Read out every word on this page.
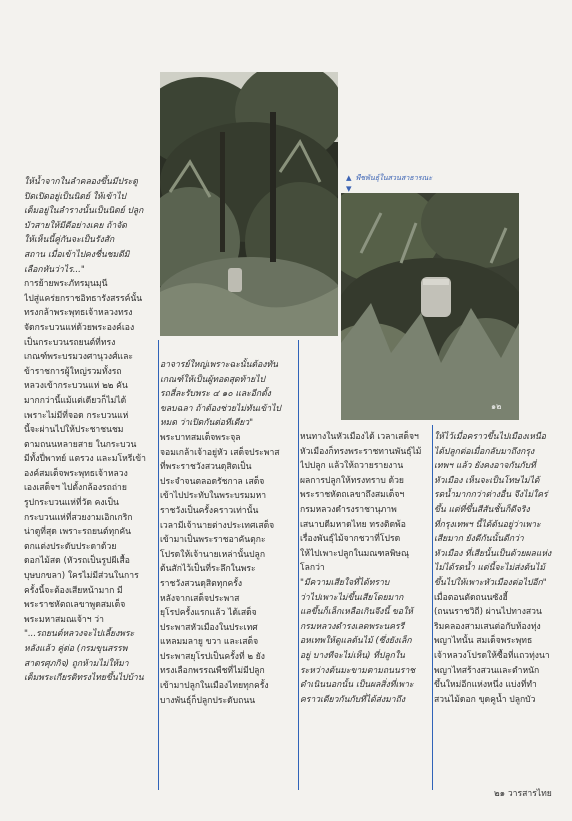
๑๒

▲ พืชพันธุ์ในสวนสาธารณะ

▼

ให้น้ำจากในลำคลองขึ้นมีประตู

ปิดเปิดอยู่เป็นนิตย์ ให้เข้าไป

เต็มอยู่ในลำรางนั้นเป็นนิตย์ ปลูก

บัวสายให้มีดีอย่างเคย ถ้าจัด

ให้เห็นนี้คู่กันจะเป็นรังสัก

สถาน เมื่อเข้าไปคงชื่นชมดีมิ

เลือกหันว่าไร..."

การย้ายพระภัทรมุนมุนี

ไปสู่แคร่ยกราชอิทธารังสรรค์นั้น

ทรงกล้าพระพุทธเจ้าหลวงทรง

จัดกระบวนแห่ด้วยพระองค์เอง

เป็นกระบวนรถยนต์ที่ทรง

เกณฑ์พระบรมวงศานุวงศ์และ

ข้าราชการผู้ใหญ่รวมทั้งรถ

หลวงเข้ากระบวนแห่ ๒๒ คัน

มากกว่านี้แม้แต่เดียวก็ไม่ได้

เพราะไม่มีที่จอด กระบวนแห่

นี้จะผ่านไปให้ประชาชนชม

ตามถนนหลายสาย ในกระบวน

มีทั้งปี่พาทย์ แตรวง และมโหรีเข้า

องค์สมเด็จพระพุทธเจ้าหลวง

เองเสด็จฯ ไปตั้งกล้องรถถ่าย

รูปกระบวนแห่ที่วัด คงเป็น

กระบวนแห่ที่สวยงามเอิกเกริก

น่าดูที่สุด เพราะรถยนต์ทุกคัน

ตกแต่งประดับประดาด้วย

ดอกไม้สด (หัวรถเป็นรูปผีเสื้อ

บุษบกขลา) ใครไม่มีส่วนในการ

ครั้งนี้จะต้องเสียหน้ามาก มี

พระราชหัตถเลขาพูดสมเด็จ

พระมหาสมณเจ้าฯ ว่า

"...รถยนต์หลวงจะไปเลี้ยงพระ

หลังแล้ว คู่ต่อ (กรมขุนสรรพ

สาตรศุภกิจ) ถูกห้ามไม่ให้มา

เต็มพระเกียรติทรงไทยขึ้นไปบ้าน

อาจารย์ใหญ่เพราะฉะนั้นต้องทัน

เกณฑ์ให้เป็นผู้ทอดสุดท้ายไป

รถสี่ละรับพระ ๔ ๑๐ และอีกตั้ง

ขลบฉลา ถ้าต้องช่วยไม่ทันเข้าไป

หมด ว่าเปิดกันต่อทีเดียว"

พระบาทสมเด็จพระจุล

จอมเกล้าเจ้าอยู่หัว เสด็จประพาส

ที่พระราชวังสวนดุสิตเป็น

ประจำจนตลอดรัชกาล เสด็จ

เข้าไปประทับในพระบรมมหา

ราชวังเป็นครั้งคราวเท่านั้น

เวลามีเจ้านายต่างประเทศเสด็จ

เข้ามาเป็นพระราชอาคันตุกะ

โปรดให้เจ้านายเหล่านั้นปลูก

ต้นสักไว้เป็นที่ระลึกในพระ

ราชวังสวนดุสิตทุกครั้ง

หลังจากเสด็จประพาส

ยุโรปครั้งแรกแล้ว ได้เสด็จ

ประพาสหัวเมืองในประเทศ

แหลมมลายู ขวา และเสด็จ

ประพาสยุโรปเป็นครั้งที่ ๒ ยัง

ทรงเลือกพรรณพืชที่ไม่มีปลูก

เข้ามาปลูกในเมืองไทยทุกครั้ง

บางพันธุ์ก็ปลูกประดับถนน

หนทางในหัวเมืองได้ เวลาเสด็จฯ

หัวเมืองก็ทรงพระราชทานพันธุ์ไม้

ไปปลูก แล้วให้ถวายรายงาน

ผลการปลูกให้ทรงทราบ ด้วย

พระราชหัตถเลขาถึงสมเด็จฯ

กรมหลวงดำรงราชานุภาพ

เสนาบดีมหาดไทย ทรงติดพ้อ

เรื่องพันธุ์ไม้จากชวาที่โปรด

ให้ไปเพาะปลูกในมณฑลพิษณุ

โลกว่า

"มีความเสียใจที่ได้ทราบ

ว่าไปเพาะไม่ขึ้นเสียโดยมาก

แลขึ้นก็เล็กเหลือเกินจึงนี้ ขอให้

กรมหลวงดำรงเลดพระนครรี

อหเทพให้ดูแลต้นไม้ (ซึ่งยังเล็ก

อยู่ บางทีจะไม่เห็น) ที่ปลูกใน

ระหว่างต้นมะขามตามถนนราช

ดำเนินนอกนั้น เป็นผลสิ่งที่เพาะ

คราวเดียวกันกับที่ได้ส่งมาถึง

ให้ไว้เมื่อคราวขึ้นไปเมืองเหนือ

ได้ปลูกต่อเมื่อกลับมาถึงกรุง

เทพฯ แล้ว ยังคงอาจกันกับที่

หัวเมือง เห็นจะเป็นโทษไม่ได้

รดน้ำมากกว่าต่างอื่น จึงไม่ใคร่

ขึ้น แต่ที่ขึ้นสีสันชั้นก็ดีจริง

ที่กรุงเทพฯ นี้ได้ต้นอยู่ว่าเพาะ

เสียมาก ยังดีกันนั้นดีกว่า

หัวเมือง ที่เสียนั้นเป็นด้วยผลแห่ง

ไม่ได้รดน้ำ แต่นี้จะไม่ส่งต้นไม้

ขึ้นไปให้เพาะหัวเมืองต่อไปอีก"

เมื่อตอนตัดถนนซังฮี้

(ถนนราชวิถี) ผ่านไปทางสวน

ริมคลองสามเสนต่อกับท้องทุ่ง

พญาไทนั้น สมเด็จพระพุทธ

เจ้าหลวงโปรดให้ซื้อที่แถวทุ่งนา

พญาไทสร้างสวนและตำหนัก

ขึ้นใหม่อีกแห่งหนึ่ง แบ่งที่ทำ

สวนไม้ดอก ขุดคูน้ำ ปลูกบัว

๒๑ วารสารไทย
